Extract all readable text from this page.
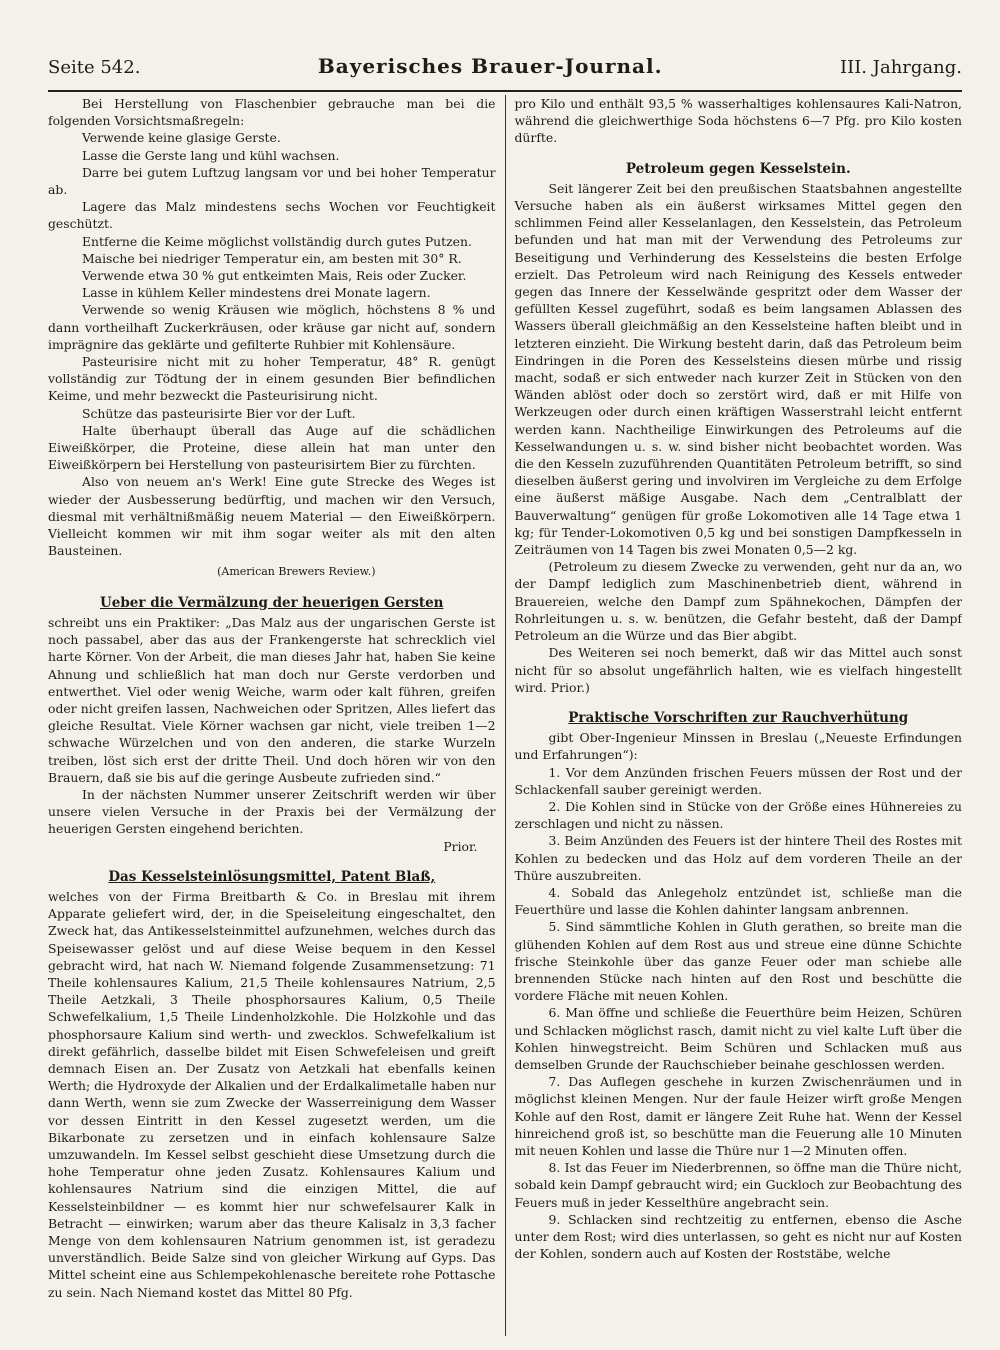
Seite 542.	Bayerisches Brauer-Journal.	III. Jahrgang.

Bei Herstellung von Flaschenbier gebrauche man bei die folgenden Vorsichtsmaßregeln:

Verwende keine glasige Gerste.

Lasse die Gerste lang und kühl wachsen.

Darre bei gutem Luftzug langsam vor und bei hoher Temperatur ab.

Lagere das Malz mindestens sechs Wochen vor Feuchtigkeit geschützt.

Entferne die Keime möglichst vollständig durch gutes Putzen.

Maische bei niedriger Temperatur ein, am besten mit 30° R.

Verwende etwa 30 % gut entkeimten Mais, Reis oder Zucker.

Lasse in kühlem Keller mindestens drei Monate lagern.

Verwende so wenig Kräusen wie möglich, höchstens 8 % und dann vortheilhaft Zuckerkräusen, oder kräuse gar nicht auf, sondern imprägnire das geklärte und gefilterte Ruhbier mit Kohlensäure.

Pasteurisire nicht mit zu hoher Temperatur, 48° R. genügt vollständig zur Tödtung der in einem gesunden Bier befindlichen Keime, und mehr bezweckt die Pasteurisirung nicht.

Schütze das pasteurisirte Bier vor der Luft.

Halte überhaupt überall das Auge auf die schädlichen Eiweißkörper, die Proteine, diese allein hat man unter den Eiweißkörpern bei Herstellung von pasteurisirtem Bier zu fürchten.

Also von neuem an's Werk! Eine gute Strecke des Weges ist wieder der Ausbesserung bedürftig, und machen wir den Versuch, diesmal mit verhältnißmäßig neuem Material — den Eiweißkörpern. Vielleicht kommen wir mit ihm sogar weiter als mit den alten Bausteinen.

(American Brewers Review.)

Ueber die Vermälzung der heuerigen Gersten

schreibt uns ein Praktiker: „Das Malz aus der ungarischen Gerste ist noch passabel, aber das aus der Frankengerste hat schrecklich viel harte Körner. Von der Arbeit, die man dieses Jahr hat, haben Sie keine Ahnung und schließlich hat man doch nur Gerste verdorben und entwerthet. Viel oder wenig Weiche, warm oder kalt führen, greifen oder nicht greifen lassen, Nachweichen oder Spritzen, Alles liefert das gleiche Resultat. Viele Körner wachsen gar nicht, viele treiben 1—2 schwache Würzelchen und von den anderen, die starke Wurzeln treiben, löst sich erst der dritte Theil. Und doch hören wir von den Brauern, daß sie bis auf die geringe Ausbeute zufrieden sind.“

In der nächsten Nummer unserer Zeitschrift werden wir über unsere vielen Versuche in der Praxis bei der Vermälzung der heuerigen Gersten eingehend berichten.

Prior.

Das Kesselsteinlösungsmittel, Patent Blaß,

welches von der Firma Breitbarth & Co. in Breslau mit ihrem Apparate geliefert wird, der, in die Speiseleitung eingeschaltet, den Zweck hat, das Antikesselsteinmittel aufzunehmen, welches durch das Speisewasser gelöst und auf diese Weise bequem in den Kessel gebracht wird, hat nach W. Niemand folgende Zusammensetzung: 71 Theile kohlensaures Kalium, 21,5 Theile kohlensaures Natrium, 2,5 Theile Aetzkali, 3 Theile phosphorsaures Kalium, 0,5 Theile Schwefelkalium, 1,5 Theile Lindenholzkohle. Die Holzkohle und das phosphorsaure Kalium sind werth- und zwecklos. Schwefelkalium ist direkt gefährlich, dasselbe bildet mit Eisen Schwefeleisen und greift demnach Eisen an. Der Zusatz von Aetzkali hat ebenfalls keinen Werth; die Hydroxyde der Alkalien und der Erdalkalimetalle haben nur dann Werth, wenn sie zum Zwecke der Wasserreinigung dem Wasser vor dessen Eintritt in den Kessel zugesetzt werden, um die Bikarbonate zu zersetzen und in einfach kohlensaure Salze umzuwandeln. Im Kessel selbst geschieht diese Umsetzung durch die hohe Temperatur ohne jeden Zusatz. Kohlensaures Kalium und kohlensaures Natrium sind die einzigen Mittel, die auf Kesselsteinbildner — es kommt hier nur schwefelsaurer Kalk in Betracht — einwirken; warum aber das theure Kalisalz in 3,3 facher Menge von dem kohlensauren Natrium genommen ist, ist geradezu unverständlich. Beide Salze sind von gleicher Wirkung auf Gyps. Das Mittel scheint eine aus Schlempekohlenasche bereitete rohe Pottasche zu sein. Nach Niemand kostet das Mittel 80 Pfg.

pro Kilo und enthält 93,5 % wasserhaltiges kohlensaures Kali-Natron, während die gleichwerthige Soda höchstens 6—7 Pfg. pro Kilo kosten dürfte.

Petroleum gegen Kesselstein.

Seit längerer Zeit bei den preußischen Staatsbahnen angestellte Versuche haben als ein äußerst wirksames Mittel gegen den schlimmen Feind aller Kesselanlagen, den Kesselstein, das Petroleum befunden und hat man mit der Verwendung des Petroleums zur Beseitigung und Verhinderung des Kesselsteins die besten Erfolge erzielt. Das Petroleum wird nach Reinigung des Kessels entweder gegen das Innere der Kesselwände gespritzt oder dem Wasser der gefüllten Kessel zugeführt, sodaß es beim langsamen Ablassen des Wassers überall gleichmäßig an den Kesselsteine haften bleibt und in letzteren einzieht. Die Wirkung besteht darin, daß das Petroleum beim Eindringen in die Poren des Kesselsteins diesen mürbe und rissig macht, sodaß er sich entweder nach kurzer Zeit in Stücken von den Wänden ablöst oder doch so zerstört wird, daß er mit Hilfe von Werkzeugen oder durch einen kräftigen Wasserstrahl leicht entfernt werden kann. Nachtheilige Einwirkungen des Petroleums auf die Kesselwandungen u. s. w. sind bisher nicht beobachtet worden. Was die den Kesseln zuzuführenden Quantitäten Petroleum betrifft, so sind dieselben äußerst gering und involviren im Vergleiche zu dem Erfolge eine äußerst mäßige Ausgabe. Nach dem „Centralblatt der Bauverwaltung“ genügen für große Lokomotiven alle 14 Tage etwa 1 kg; für Tender-Lokomotiven 0,5 kg und bei sonstigen Dampfkesseln in Zeiträumen von 14 Tagen bis zwei Monaten 0,5—2 kg.

(Petroleum zu diesem Zwecke zu verwenden, geht nur da an, wo der Dampf lediglich zum Maschinenbetrieb dient, während in Brauereien, welche den Dampf zum Spähnekochen, Dämpfen der Rohrleitungen u. s. w. benützen, die Gefahr besteht, daß der Dampf Petroleum an die Würze und das Bier abgibt.

Des Weiteren sei noch bemerkt, daß wir das Mittel auch sonst nicht für so absolut ungefährlich halten, wie es vielfach hingestellt wird. Prior.)

Praktische Vorschriften zur Rauchverhütung

gibt Ober-Ingenieur Minssen in Breslau („Neueste Erfindungen und Erfahrungen“):

1. Vor dem Anzünden frischen Feuers müssen der Rost und der Schlackenfall sauber gereinigt werden.

2. Die Kohlen sind in Stücke von der Größe eines Hühnereies zu zerschlagen und nicht zu nässen.

3. Beim Anzünden des Feuers ist der hintere Theil des Rostes mit Kohlen zu bedecken und das Holz auf dem vorderen Theile an der Thüre auszubreiten.

4. Sobald das Anlegeholz entzündet ist, schließe man die Feuerthüre und lasse die Kohlen dahinter langsam anbrennen.

5. Sind sämmtliche Kohlen in Gluth gerathen, so breite man die glühenden Kohlen auf dem Rost aus und streue eine dünne Schichte frische Steinkohle über das ganze Feuer oder man schiebe alle brennenden Stücke nach hinten auf den Rost und beschütte die vordere Fläche mit neuen Kohlen.

6. Man öffne und schließe die Feuerthüre beim Heizen, Schüren und Schlacken möglichst rasch, damit nicht zu viel kalte Luft über die Kohlen hinwegstreicht. Beim Schüren und Schlacken muß aus demselben Grunde der Rauchschieber beinahe geschlossen werden.

7. Das Auflegen geschehe in kurzen Zwischenräumen und in möglichst kleinen Mengen. Nur der faule Heizer wirft große Mengen Kohle auf den Rost, damit er längere Zeit Ruhe hat. Wenn der Kessel hinreichend groß ist, so beschütte man die Feuerung alle 10 Minuten mit neuen Kohlen und lasse die Thüre nur 1—2 Minuten offen.

8. Ist das Feuer im Niederbrennen, so öffne man die Thüre nicht, sobald kein Dampf gebraucht wird; ein Guckloch zur Beobachtung des Feuers muß in jeder Kesselthüre angebracht sein.

9. Schlacken sind rechtzeitig zu entfernen, ebenso die Asche unter dem Rost; wird dies unterlassen, so geht es nicht nur auf Kosten der Kohlen, sondern auch auf Kosten der Roststäbe, welche
